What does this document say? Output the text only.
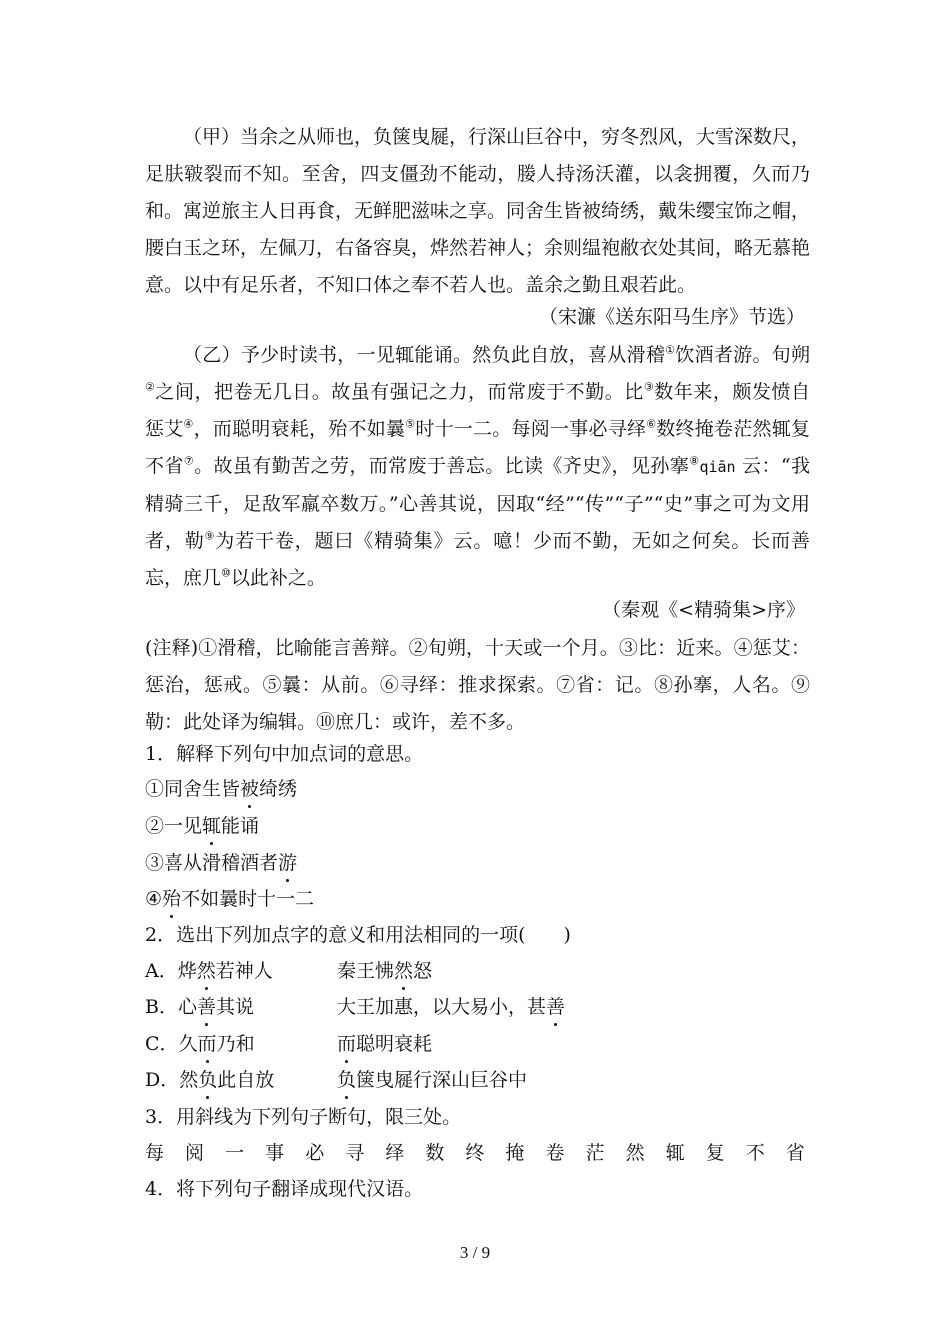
（甲）当余之从师也，负箧曳屣，行深山巨谷中，穷冬烈风，大雪深数尺，足肤皲裂而不知。至舍，四支僵劲不能动，媵人持汤沃灌，以衾拥覆，久而乃和。寓逆旅主人日再食，无鲜肥滋味之享。同舍生皆被绮绣，戴朱缨宝饰之帽，腰白玉之环，左佩刀，右备容臭，烨然若神人；余则缊袍敝衣处其间，略无慕艳意。以中有足乐者，不知口体之奉不若人也。盖余之勤且艰若此。

（宋濂《送东阳马生序》节选）

（乙）予少时读书，一见辄能诵。然负此自放，喜从滑稽①饮酒者游。旬朔②之间，把卷无几日。故虽有强记之力，而常废于不勤。比③数年来，颇发愤自惩艾④，而聪明衰耗，殆不如曩⑤时十一二。每阅一事必寻绎⑥数终掩卷茫然辄复不省⑦。故虽有勤苦之劳，而常废于善忘。比读《齐史》，见孙搴⑧qiān 云：“我精骑三千，足敌军羸卒数万。”心善其说，因取“经”“传”“子”“史”事之可为文用者，勒⑨为若干卷，题曰《精骑集》云。噫！少而不勤，无如之何矣。长而善忘，庶几⑩以此补之。

（秦观《<精骑集>序》

(注释)①滑稽，比喻能言善辩。②旬朔，十天或一个月。③比：近来。④惩艾：惩治，惩戒。⑤曩：从前。⑥寻绎：推求探索。⑦省：记。⑧孙搴，人名。⑨勒：此处译为编辑。⑩庶几：或许，差不多。

1．解释下列句中加点词的意思。
①同舍生皆被绮绣
②一见辄能诵
③喜从滑稽酒者游
④殆不如曩时十一二
2．选出下列加点字的意义和用法相同的一项(　　)
A．烨然若神人	秦王怫然怒
B．心善其说	大王加惠，以大易小，甚善
C．久而乃和	而聪明衰耗
D．然负此自放	负箧曳屣行深山巨谷中
3．用斜线为下列句子断句，限三处。
每 阅 一 事 必 寻 绎 数 终 掩 卷 茫 然 辄 复 不 省
4．将下列句子翻译成现代汉语。
3 / 9
